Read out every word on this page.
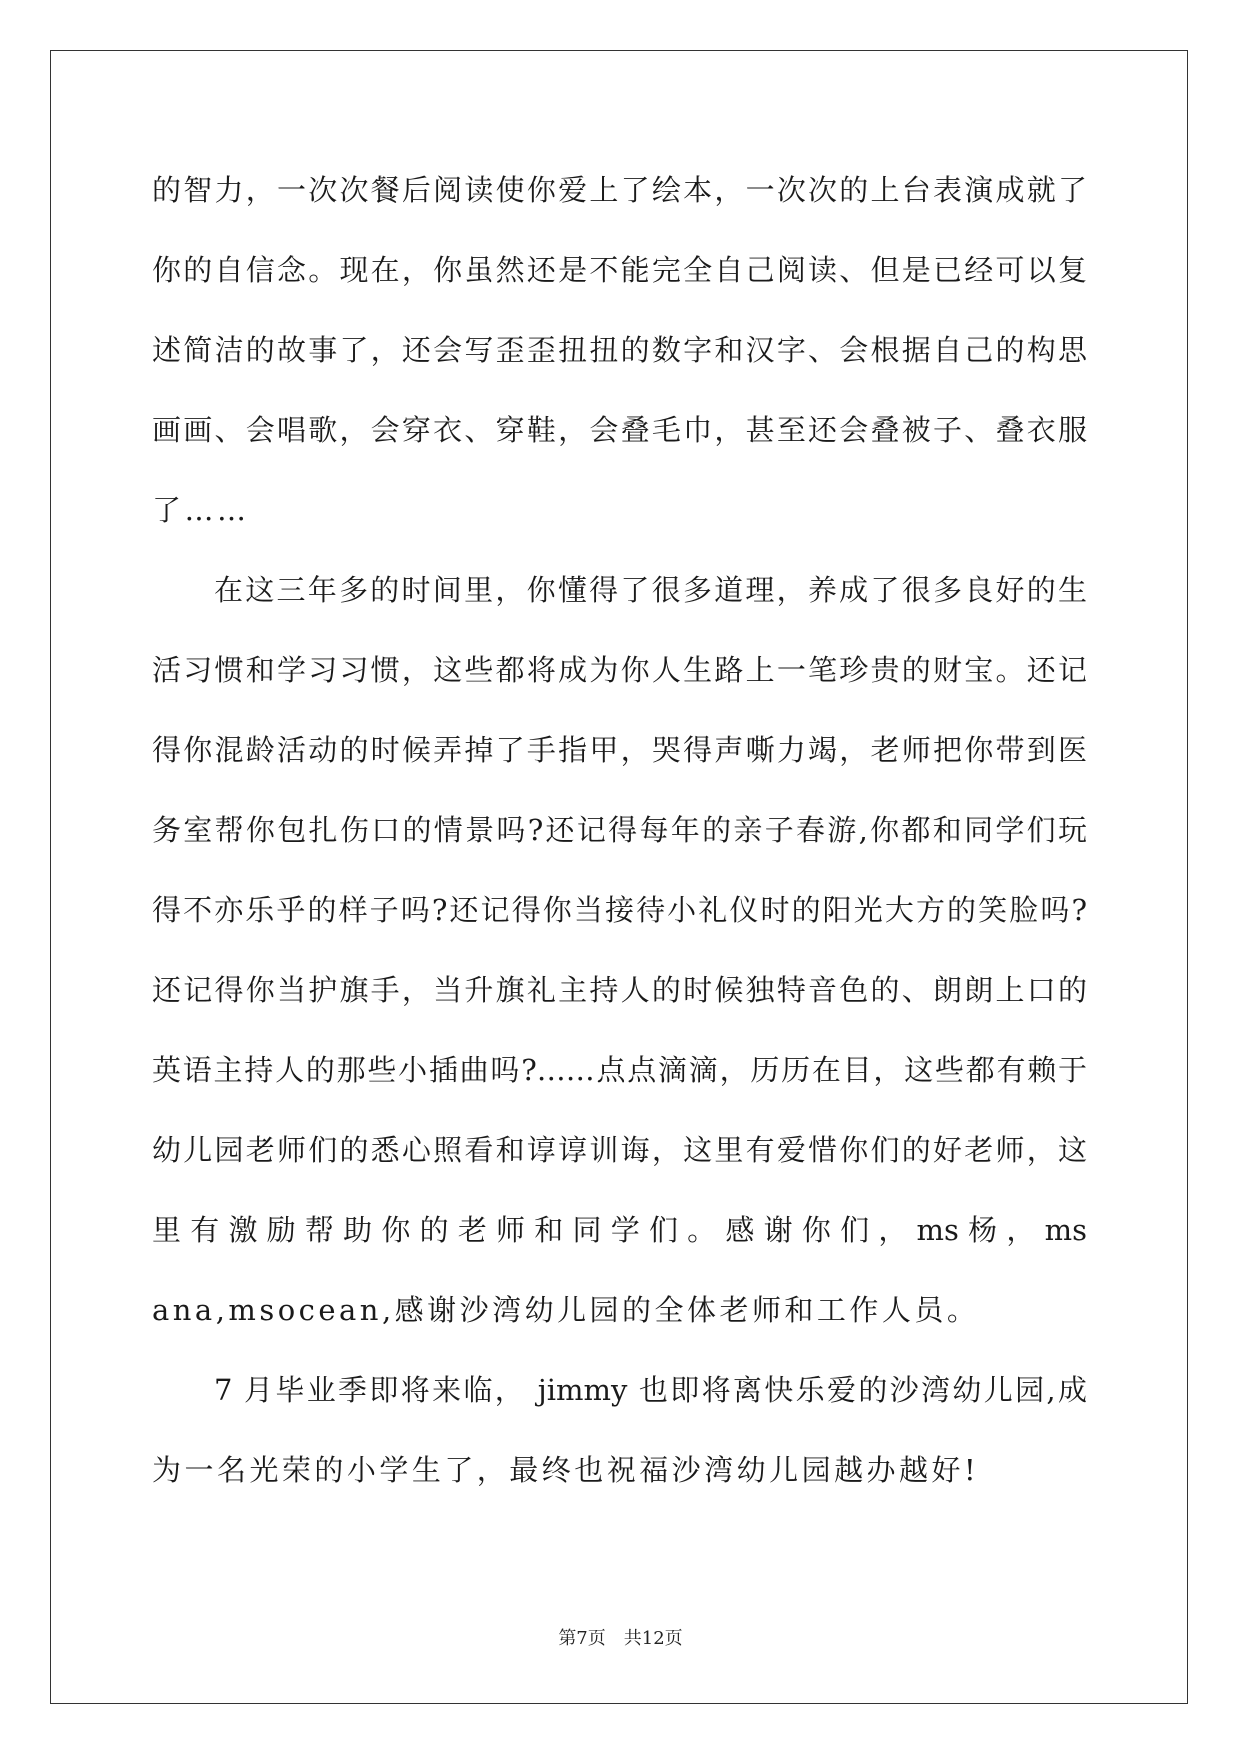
的智力，一次次餐后阅读使你爱上了绘本，一次次的上台表演成就了
你的自信念。现在，你虽然还是不能完全自己阅读、但是已经可以复
述简洁的故事了，还会写歪歪扭扭的数字和汉字、会根据自己的构思
画画、会唱歌，会穿衣、穿鞋，会叠毛巾，甚至还会叠被子、叠衣服
了……
在这三年多的时间里，你懂得了很多道理，养成了很多良好的生
活习惯和学习习惯，这些都将成为你人生路上一笔珍贵的财宝。还记
得你混龄活动的时候弄掉了手指甲，哭得声嘶力竭，老师把你带到医
务室帮你包扎伤口的情景吗?还记得每年的亲子春游,你都和同学们玩
得不亦乐乎的样子吗?还记得你当接待小礼仪时的阳光大方的笑脸吗?
还记得你当护旗手，当升旗礼主持人的时候独特音色的、朗朗上口的
英语主持人的那些小插曲吗?……点点滴滴，历历在目，这些都有赖于
幼儿园老师们的悉心照看和谆谆训诲，这里有爱惜你们的好老师，这
里 有 激 励 帮 助 你 的 老 师 和 同 学 们 。 感 谢 你 们 ， ms 杨 ， ms
ana,msocean,感谢沙湾幼儿园的全体老师和工作人员。
7 月毕业季即将来临， jimmy 也即将离快乐爱的沙湾幼儿园,成
为一名光荣的小学生了，最终也祝福沙湾幼儿园越办越好!
第7页 共12页
